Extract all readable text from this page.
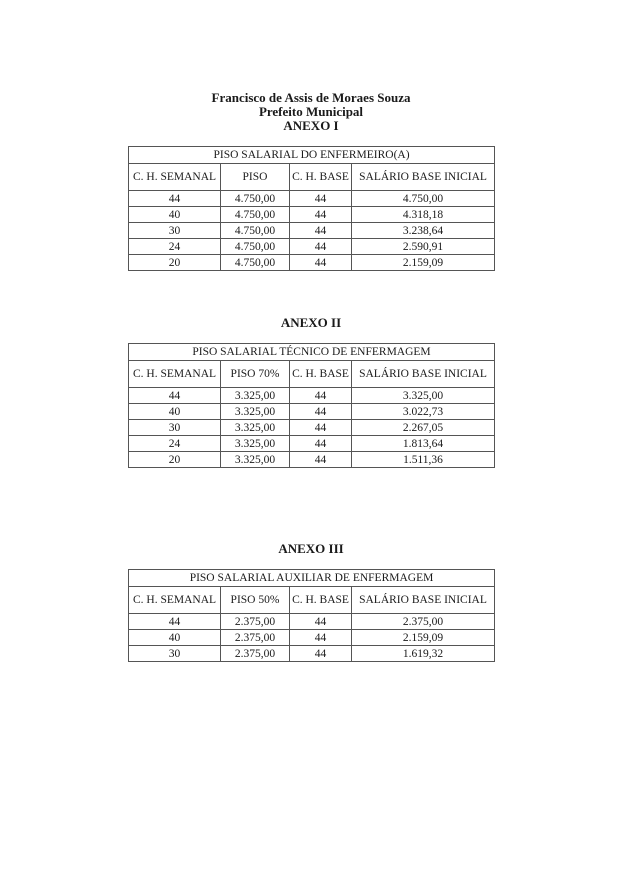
Francisco de Assis de Moraes Souza
Prefeito Municipal
ANEXO I
PISO SALARIAL DO ENFERMEIRO(A)			
C. H. SEMANAL	PISO	C. H. BASE	SALÁRIO BASE INICIAL
44	4.750,00	44	4.750,00
40	4.750,00	44	4.318,18
30	4.750,00	44	3.238,64
24	4.750,00	44	2.590,91
20	4.750,00	44	2.159,09
ANEXO II
PISO SALARIAL TÉCNICO DE ENFERMAGEM			
C. H. SEMANAL	PISO 70%	C. H. BASE	SALÁRIO BASE INICIAL
44	3.325,00	44	3.325,00
40	3.325,00	44	3.022,73
30	3.325,00	44	2.267,05
24	3.325,00	44	1.813,64
20	3.325,00	44	1.511,36
ANEXO III
PISO SALARIAL AUXILIAR DE ENFERMAGEM			
C. H. SEMANAL	PISO 50%	C. H. BASE	SALÁRIO BASE INICIAL
44	2.375,00	44	2.375,00
40	2.375,00	44	2.159,09
30	2.375,00	44	1.619,32
